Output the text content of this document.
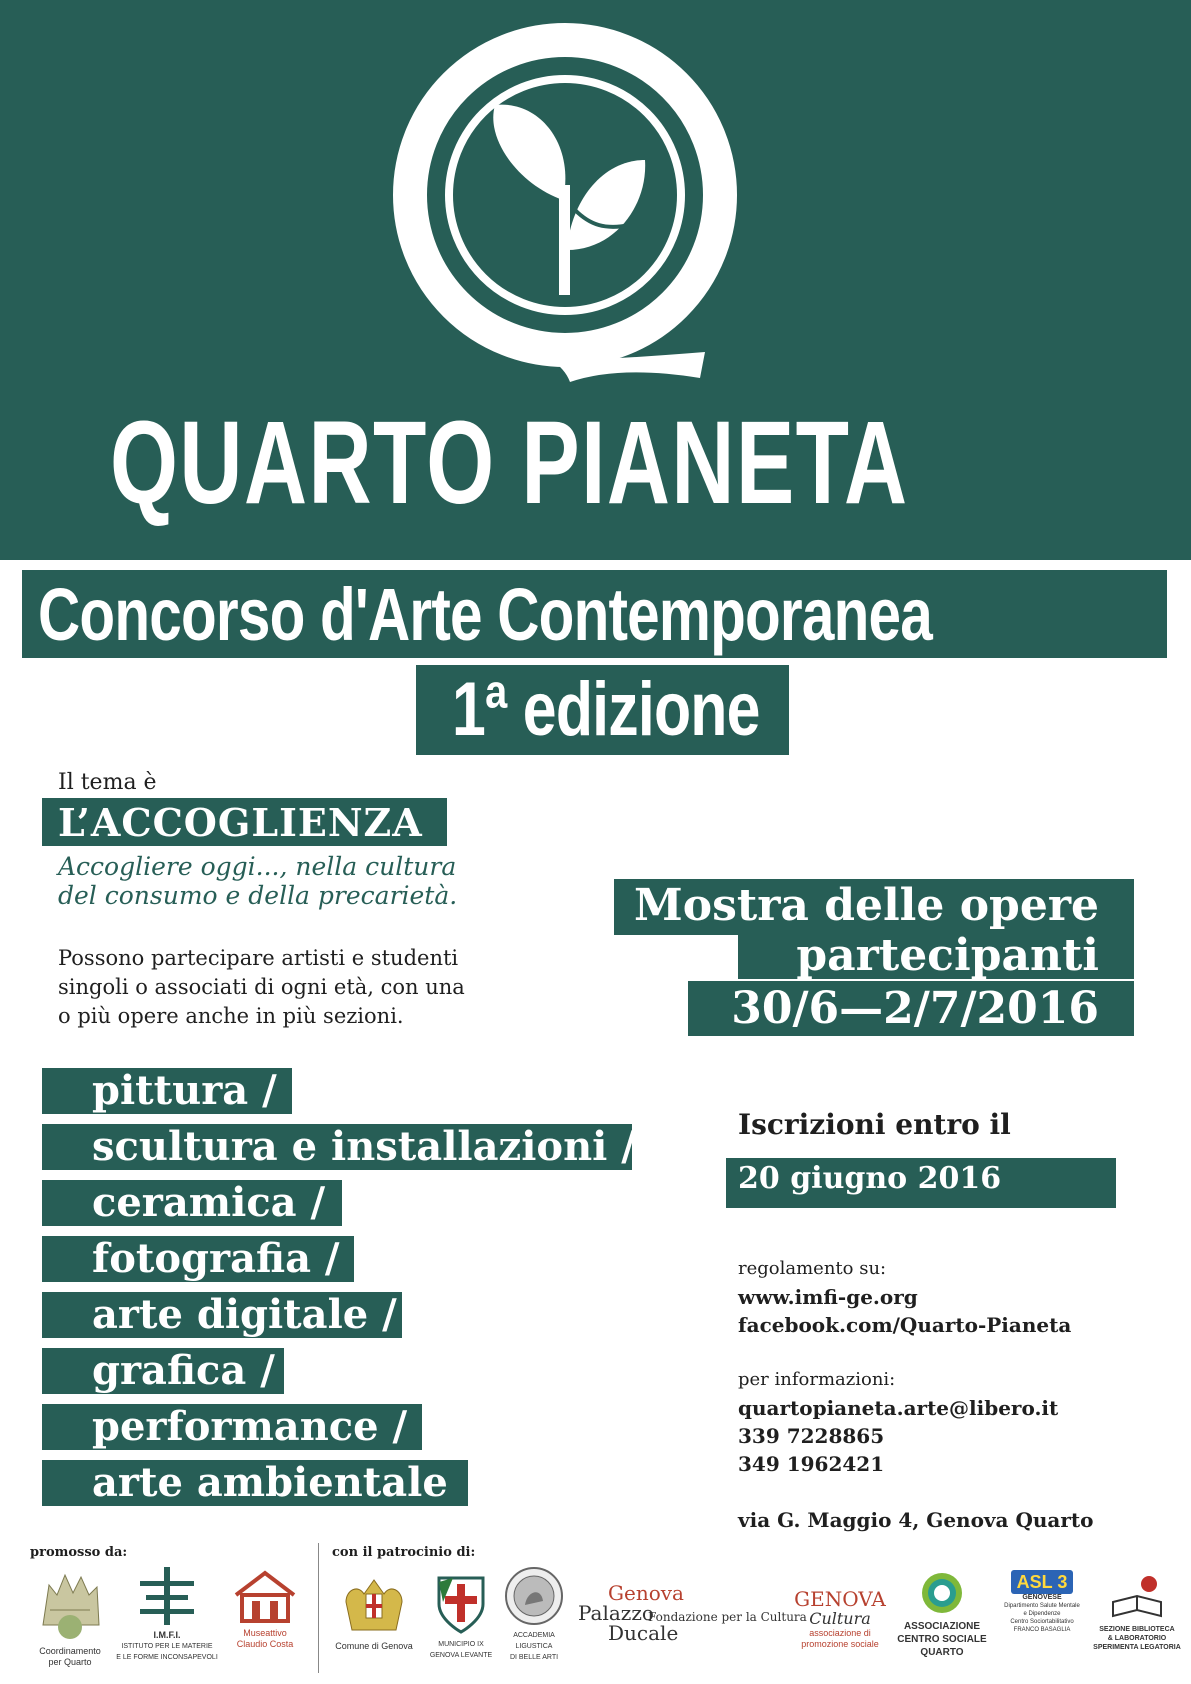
QUARTO PIANETA
Concorso d'Arte Contemporanea
1ª edizione
Il tema è
L’ACCOGLIENZA
Accogliere oggi..., nella cultura
del consumo e della precarietà.
Possono partecipare artisti e studenti
singoli o associati di ogni età, con una
o più opere anche in più sezioni.
pittura /
scultura e installazioni /
ceramica /
fotografia /
arte digitale /
grafica /
performance /
arte ambientale
Mostra delle opere
partecipanti
30/6—2/7/2016
Iscrizioni entro il
20 giugno 2016
regolamento su:
www.imfi-ge.org
facebook.com/Quarto-Pianeta
per informazioni:
quartopianeta.arte@libero.it
339 7228865
349 1962421
via G. Maggio 4, Genova Quarto
promosso da:	con il patrocinio di:
Coordinamento
per Quarto
I.M.F.I.
ISTITUTO PER LE MATERIE
E LE FORME INCONSAPEVOLI
Museattivo
Claudio Costa	Comune di Genova	MUNICIPIO IX
GENOVA LEVANTE
ACCADEMIA
LIGUSTICA
DI BELLE ARTI
Genova
Palazzo
Ducale
Fondazione per la Cultura
GENOVA
Cultura
associazione di
promozione sociale
ASSOCIAZIONE
CENTRO SOCIALE
QUARTO
ASL 3
GENOVESE
Dipartimento Salute Mentale
e Dipendenze
Centro Sociortabilitativo
FRANCO BASAGLIA	SEZIONE BIBLIOTECA
& LABORATORIO
SPERIMENTA LEGATORIA
